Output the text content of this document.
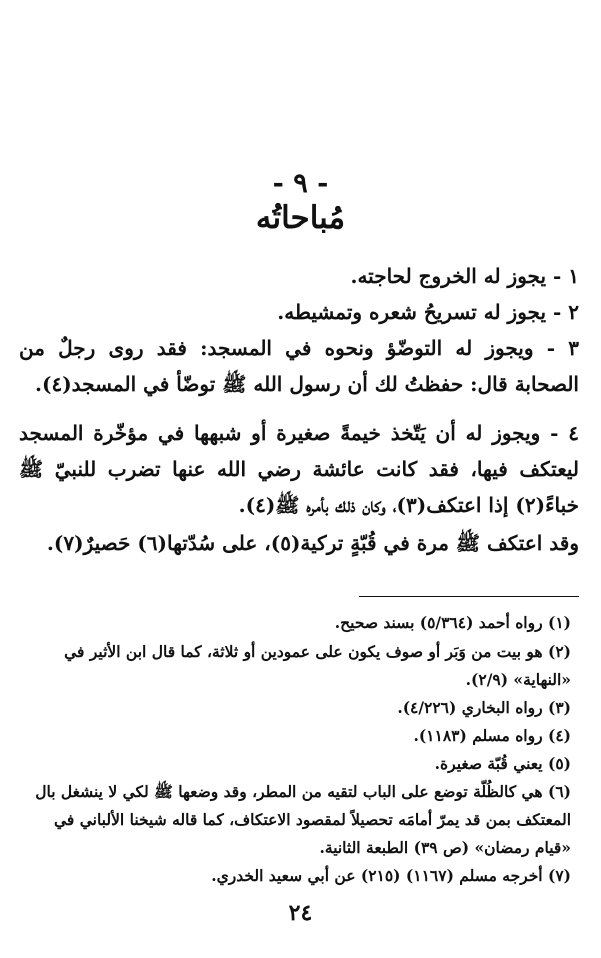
- ٩ -
مُباحاتُه
١ - يجوز له الخروج لحاجته.
٢ - يجوز له تسريحُ شعره وتمشيطه.
٣ - ويجوز له التوضّؤ ونحوه في المسجد: فقد روى رجلٌ من الصحابة قال: حفظتُ لك أن رسول الله ﷺ توضّأ في المسجد(٤).
٤ - ويجوز له أن يَتّخذ خيمةً صغيرة أو شبهها في مؤخّرة المسجد ليعتكف فيها، فقد كانت عائشة رضي الله عنها تضرب للنبيّ ﷺ خباءً(٢) إذا اعتكف(٣)، وكان ذلك بأمره ﷺ(٤).
وقد اعتكف ﷺ مرة في قُبّةٍ تركية(٥)، على سُدّتها(٦) حَصيرٌ(٧).
(١) رواه أحمد (٥/٣٦٤) بسند صحيح.
(٢) هو بيت من وَبَر أو صوف يكون على عمودين أو ثلاثة، كما قال ابن الأثير في «النهاية» (٢/٩).
(٣) رواه البخاري (٤/٢٢٦).
(٤) رواه مسلم (١١٨٣).
(٥) يعني قُبّة صغيرة.
(٦) هي كالظُلّة توضع على الباب لتقيه من المطر، وقد وضعها ﷺ لكي لا ينشغل بال المعتكف بمن قد يمرّ أمامَه تحصيلاً لمقصود الاعتكاف، كما قاله شيخنا الألباني في «قيام رمضان» (ص ٣٩) الطبعة الثانية.
(٧) أخرجه مسلم (١١٦٧) (٢١٥) عن أبي سعيد الخدري.
٢٤
